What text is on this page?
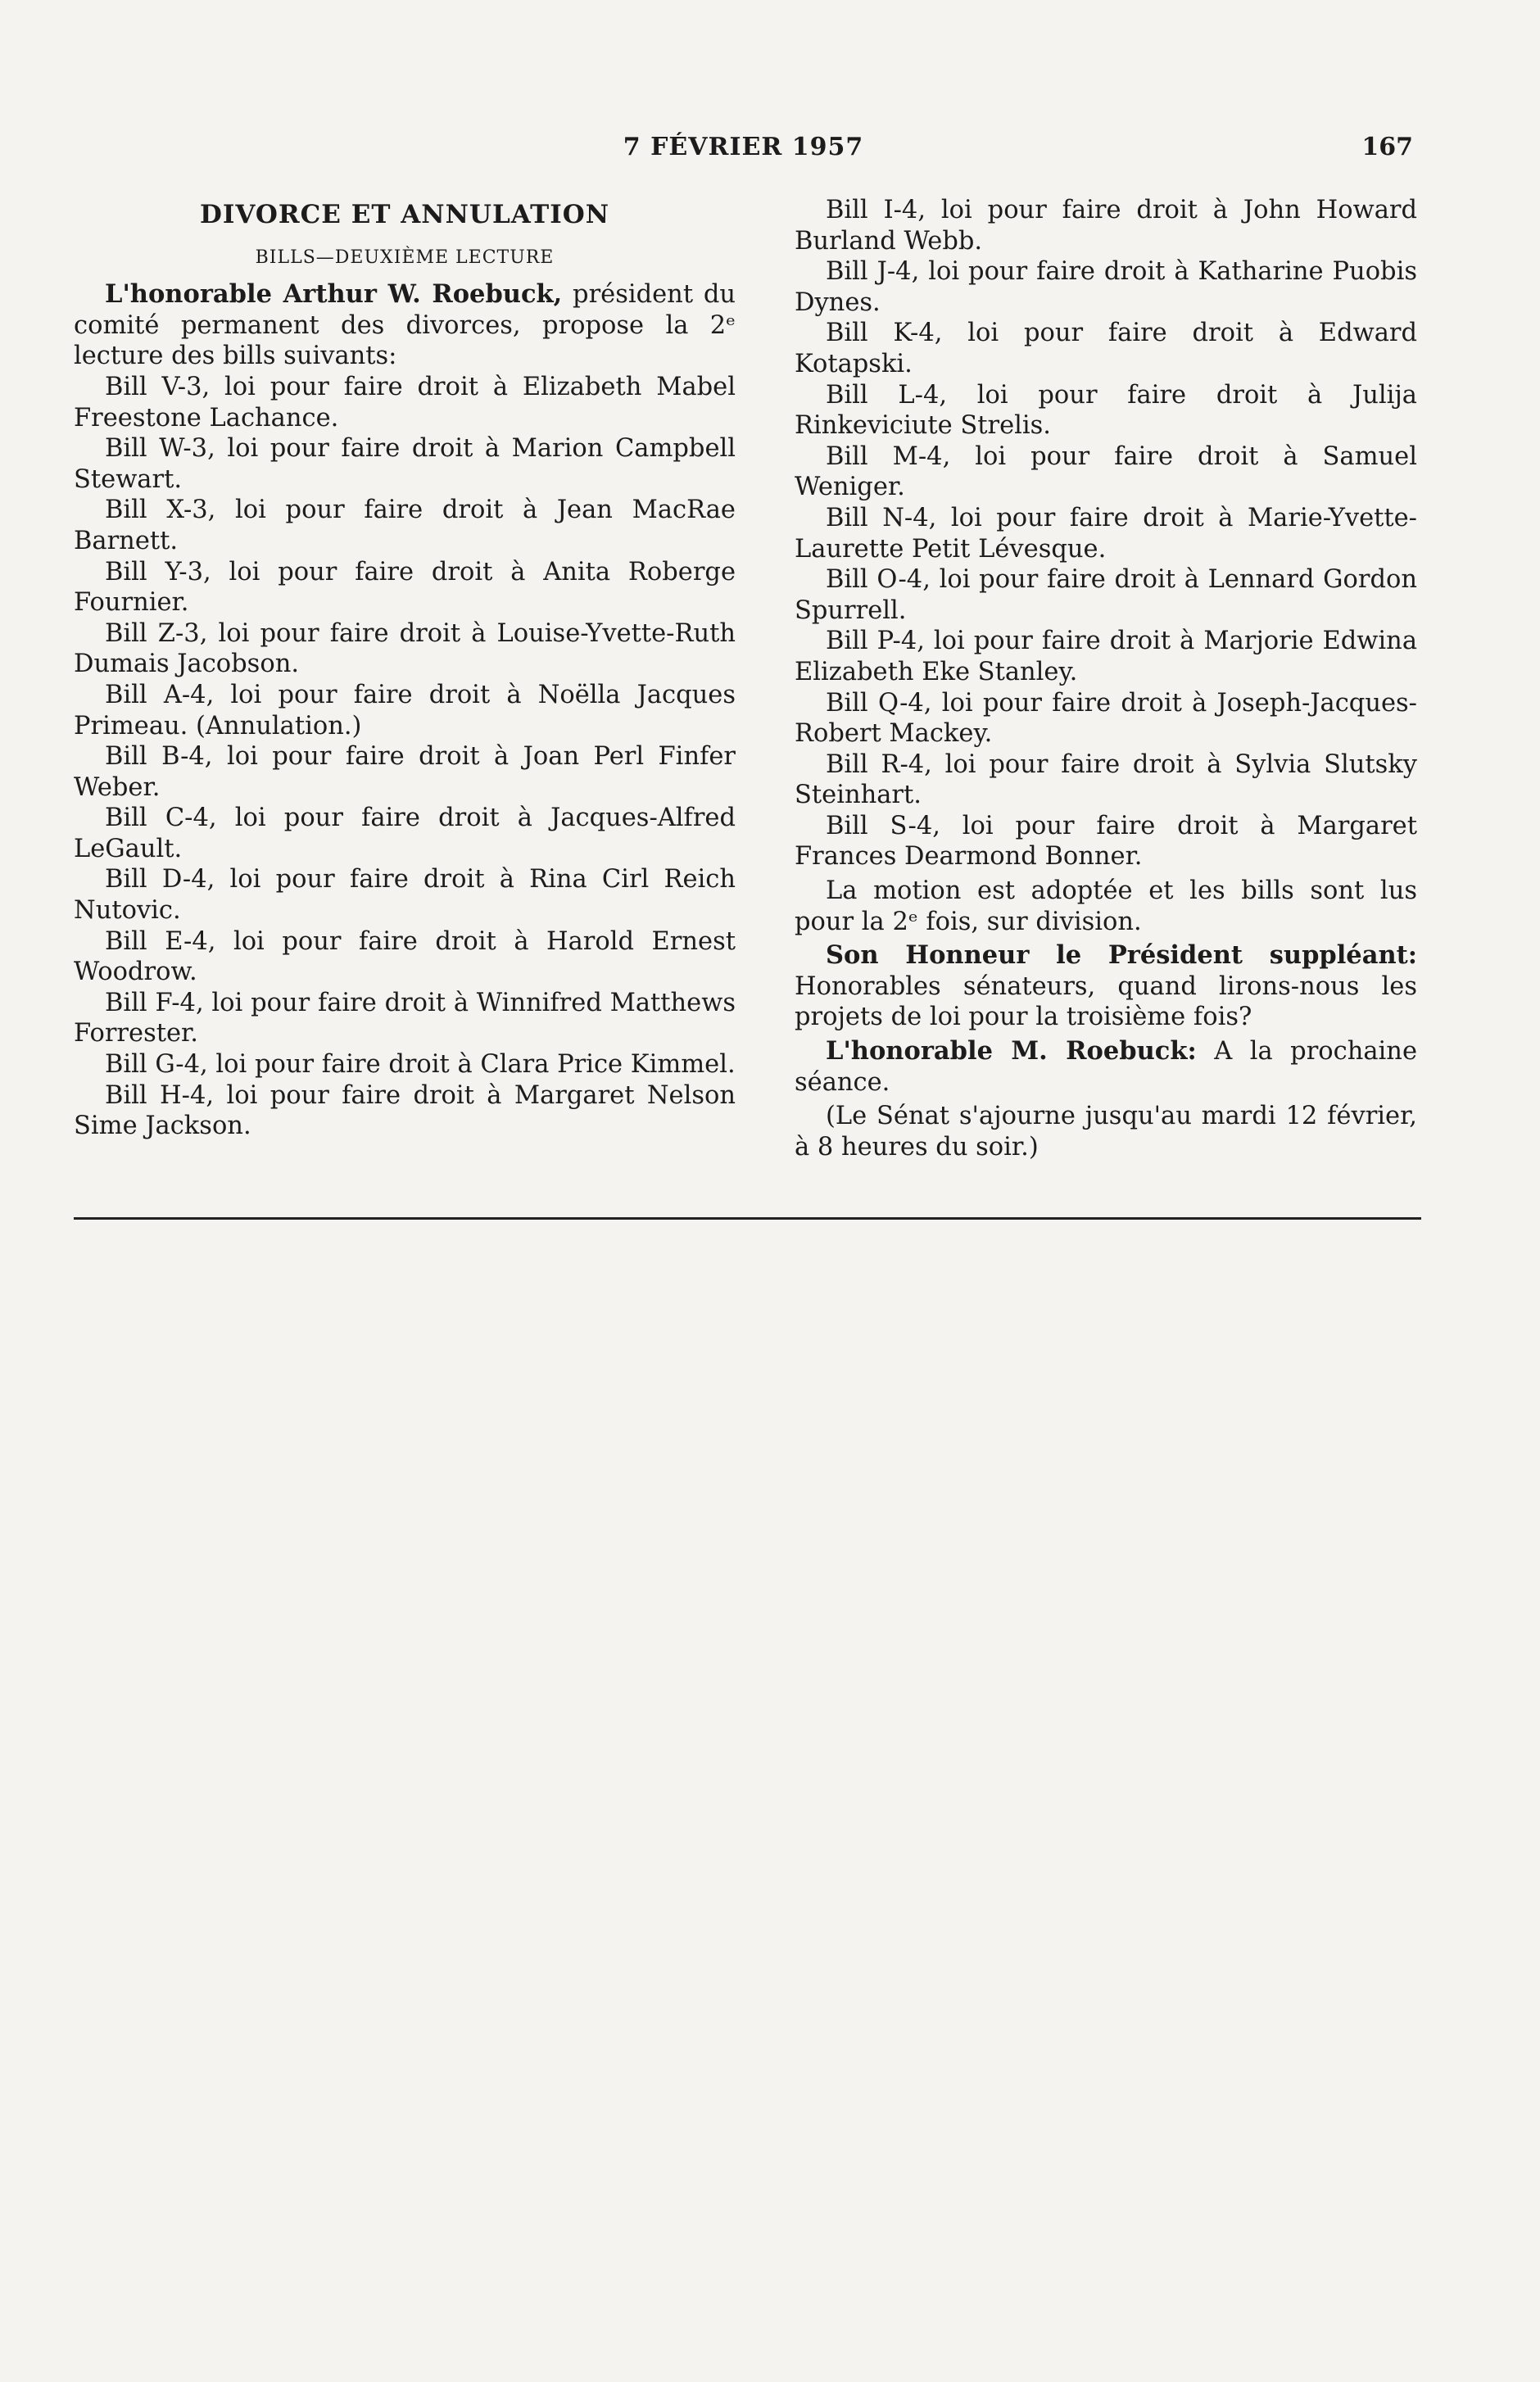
7 FÉVRIER 1957	167
DIVORCE ET ANNULATION
BILLS—DEUXIÈME LECTURE

L'honorable Arthur W. Roebuck, président du comité permanent des divorces, propose la 2ᵉ lecture des bills suivants:

Bill V-3, loi pour faire droit à Elizabeth Mabel Freestone Lachance.

Bill W-3, loi pour faire droit à Marion Campbell Stewart.

Bill X-3, loi pour faire droit à Jean MacRae Barnett.

Bill Y-3, loi pour faire droit à Anita Roberge Fournier.

Bill Z-3, loi pour faire droit à Louise-Yvette-Ruth Dumais Jacobson.

Bill A-4, loi pour faire droit à Noëlla Jacques Primeau. (Annulation.)

Bill B-4, loi pour faire droit à Joan Perl Finfer Weber.

Bill C-4, loi pour faire droit à Jacques-Alfred LeGault.

Bill D-4, loi pour faire droit à Rina Cirl Reich Nutovic.

Bill E-4, loi pour faire droit à Harold Ernest Woodrow.

Bill F-4, loi pour faire droit à Winnifred Matthews Forrester.

Bill G-4, loi pour faire droit à Clara Price Kimmel.

Bill H-4, loi pour faire droit à Margaret Nelson Sime Jackson.

Bill I-4, loi pour faire droit à John Howard Burland Webb.

Bill J-4, loi pour faire droit à Katharine Puobis Dynes.

Bill K-4, loi pour faire droit à Edward Kotapski.

Bill L-4, loi pour faire droit à Julija Rinkeviciute Strelis.

Bill M-4, loi pour faire droit à Samuel Weniger.

Bill N-4, loi pour faire droit à Marie-Yvette-Laurette Petit Lévesque.

Bill O-4, loi pour faire droit à Lennard Gordon Spurrell.

Bill P-4, loi pour faire droit à Marjorie Edwina Elizabeth Eke Stanley.

Bill Q-4, loi pour faire droit à Joseph-Jacques-Robert Mackey.

Bill R-4, loi pour faire droit à Sylvia Slutsky Steinhart.

Bill S-4, loi pour faire droit à Margaret Frances Dearmond Bonner.

La motion est adoptée et les bills sont lus pour la 2ᵉ fois, sur division.

Son Honneur le Président suppléant: Honorables sénateurs, quand lirons-nous les projets de loi pour la troisième fois?

L'honorable M. Roebuck: A la prochaine séance.

(Le Sénat s'ajourne jusqu'au mardi 12 février, à 8 heures du soir.)
